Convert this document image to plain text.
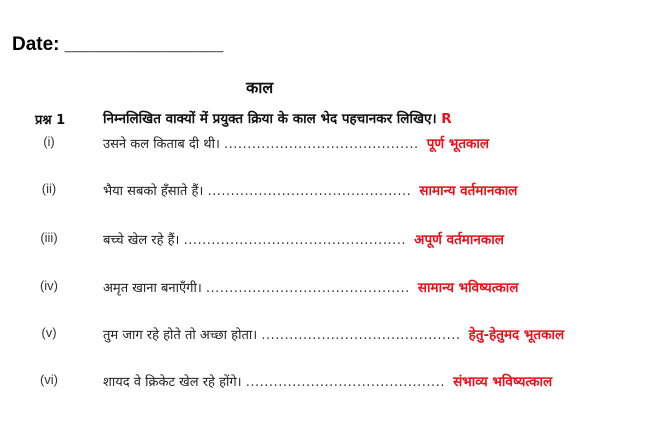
Date: _______________
काल
प्रश्न 1	निम्नलिखित वाक्यों में प्रयुक्त क्रिया के काल भेद पहचानकर लिखिए। R
(i)	उसने कल किताब दी थी। .......................................... पूर्ण भूतकाल
(ii)	भैया सबको हँसाते हैं। ............................................ सामान्य वर्तमानकाल
(iii)	बच्चे खेल रहे हैं। ................................................ अपूर्ण वर्तमानकाल
(iv)	अमृत खाना बनाएँगी। ............................................ सामान्य भविष्यत्काल
(v)	तुम जाग रहे होते तो अच्छा होता। ........................................... हेतु-हेतुमद भूतकाल
(vi)	शायद वे क्रिकेट खेल रहे होंगे। ........................................... संभाव्य भविष्यत्काल
